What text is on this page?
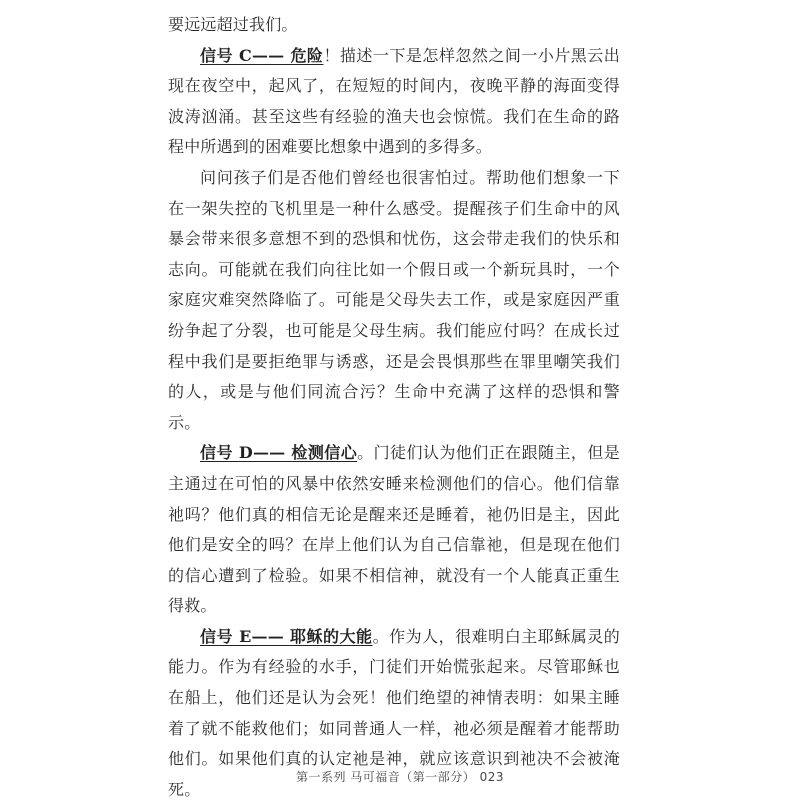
要远远超过我们。

信号 C—— 危险！描述一下是怎样忽然之间一小片黑云出现在夜空中，起风了，在短短的时间内，夜晚平静的海面变得波涛汹涌。甚至这些有经验的渔夫也会惊慌。我们在生命的路程中所遇到的困难要比想象中遇到的多得多。

问问孩子们是否他们曾经也很害怕过。帮助他们想象一下在一架失控的飞机里是一种什么感受。提醒孩子们生命中的风暴会带来很多意想不到的恐惧和忧伤，这会带走我们的快乐和志向。可能就在我们向往比如一个假日或一个新玩具时，一个家庭灾难突然降临了。可能是父母失去工作，或是家庭因严重纷争起了分裂，也可能是父母生病。我们能应付吗？在成长过程中我们是要拒绝罪与诱惑，还是会畏惧那些在罪里嘲笑我们的人，或是与他们同流合污？生命中充满了这样的恐惧和警示。

信号 D—— 检测信心。门徒们认为他们正在跟随主，但是主通过在可怕的风暴中依然安睡来检测他们的信心。他们信靠祂吗？他们真的相信无论是醒来还是睡着，祂仍旧是主，因此他们是安全的吗？在岸上他们认为自己信靠祂，但是现在他们的信心遭到了检验。如果不相信神，就没有一个人能真正重生得救。

信号 E—— 耶稣的大能。作为人，很难明白主耶稣属灵的能力。作为有经验的水手，门徒们开始慌张起来。尽管耶稣也在船上，他们还是认为会死！他们绝望的神情表明：如果主睡着了就不能救他们；如同普通人一样，祂必须是醒着才能帮助他们。如果他们真的认定祂是神，就应该意识到祂决不会被淹死。

第一系列 马可福音（第一部分） 023
